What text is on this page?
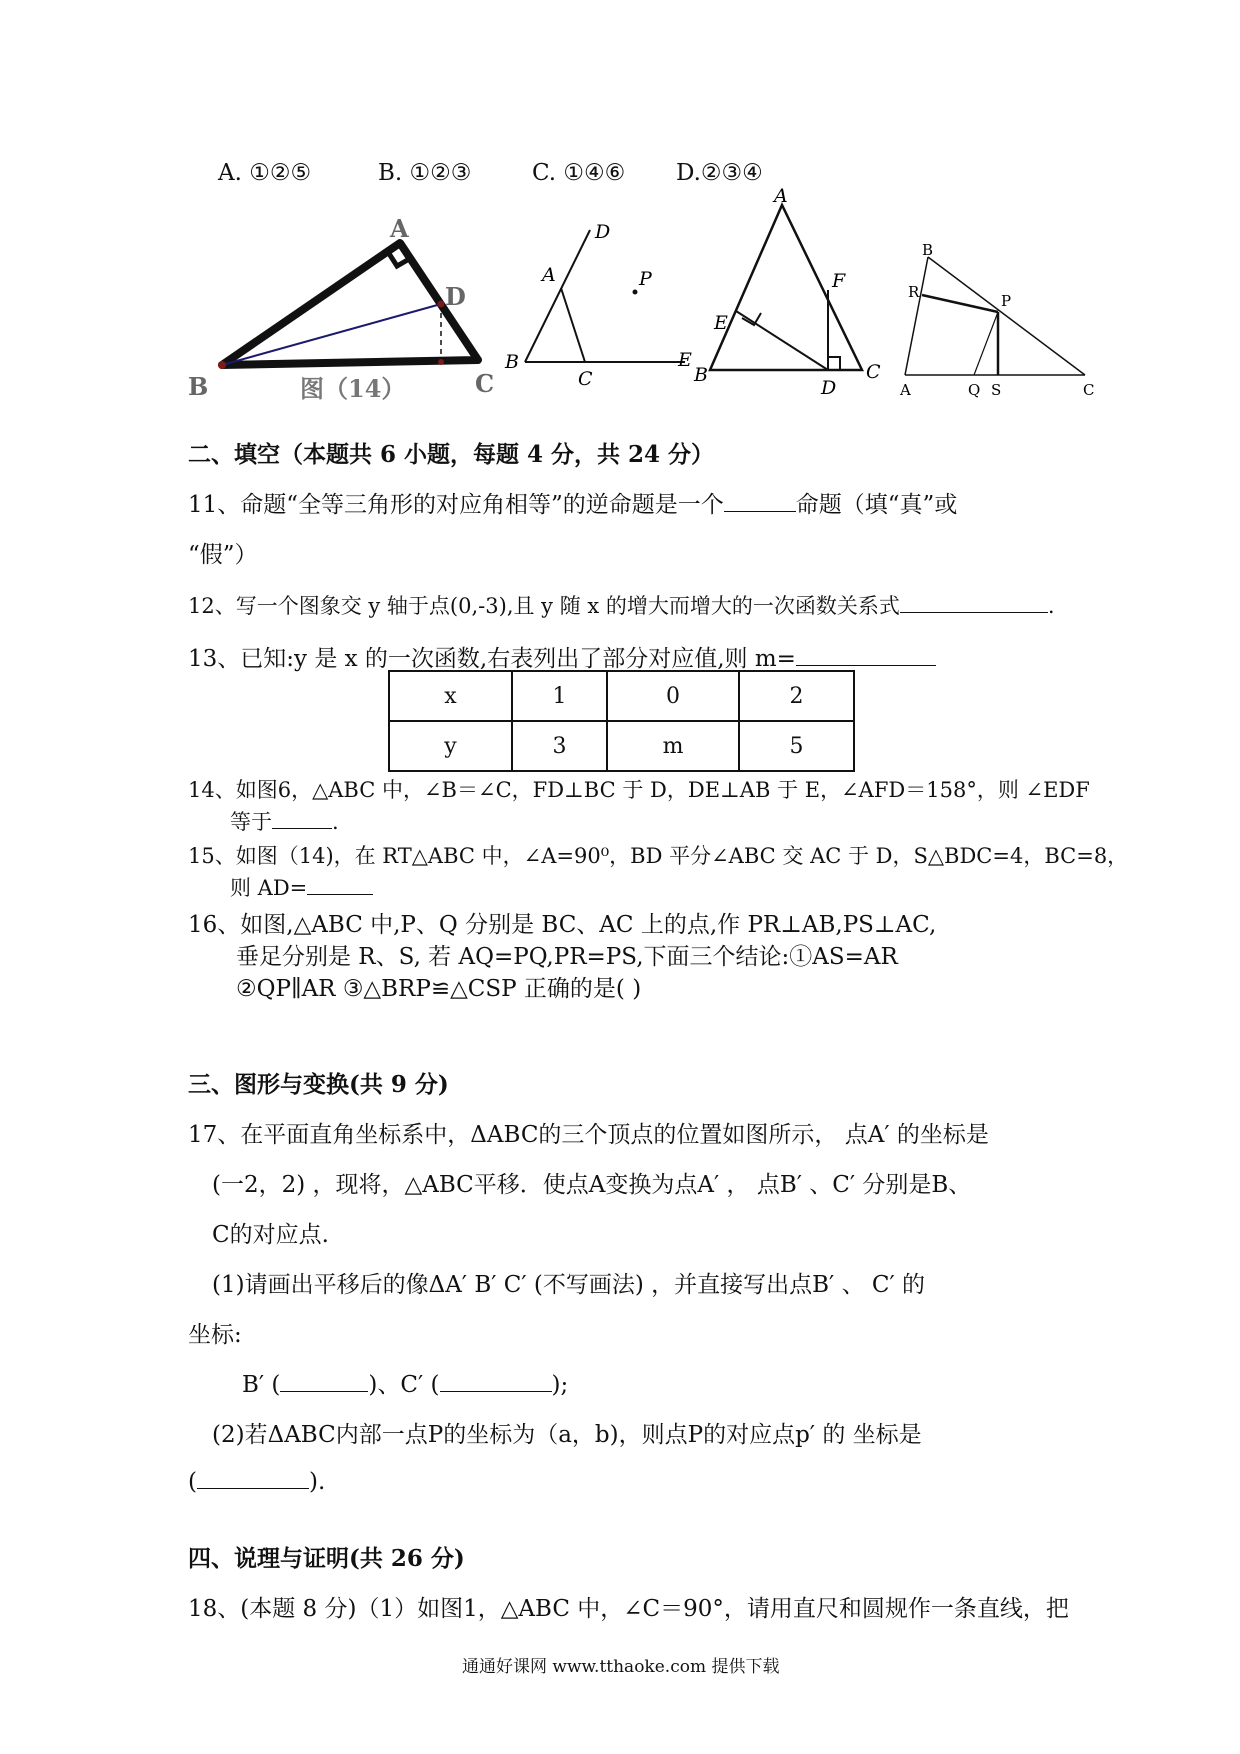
A. ①②⑤	B. ①②③	C. ①④⑥ D.②③④
A
D
B	C
图（14）
D
A	P
B
C
E
A
F
E
B
D
C
B
R	P
A	Q S	C
二、填空（本题共 6 小题，每题 4 分，共 24 分）
11、命题“全等三角形的对应角相等”的逆命题是一个	命题（填“真”或
“假”）
12、写一个图象交 y 轴于点(0,-3),且 y 随 x 的增大而增大的一次函数关系式	.
13、已知:y 是 x 的一次函数,右表列出了部分对应值,则 m=
x	1	0	2
y	3	m	5
14、如图6，△ABC 中，∠B＝∠C，FD⊥BC 于 D，DE⊥AB 于 E，∠AFD＝158°，则 ∠EDF
等于	.
15、如图（14)，在 RT△ABC 中，∠A=90⁰，BD 平分∠ABC 交 AC 于 D，S△BDC=4，BC=8，
则 AD=
16、如图,△ABC 中,P、Q 分别是 BC、AC 上的点,作 PR⊥AB,PS⊥AC,
垂足分别是 R、S, 若 AQ=PQ,PR=PS,下面三个结论:①AS=AR
②QP∥AR ③△BRP≌△CSP 正确的是( )
三、图形与变换(共 9 分)
17、在平面直角坐标系中，ΔABC的三个顶点的位置如图所示， 点A′ 的坐标是
(一2，2) ，现将，△ABC平移．使点A变换为点A′ ， 点B′ 、C′ 分别是B、
C的对应点.
(1)请画出平移后的像ΔA′ B′ C′ (不写画法) ，并直接写出点B′ 、 C′ 的
坐标:
B′ (	)、C′ (	);
(2)若ΔABC内部一点P的坐标为（a，b)，则点P的对应点p′ 的 坐标是
(	).
四、说理与证明(共 26 分)
18、(本题 8 分)（1）如图1，△ABC 中，∠C＝90°，请用直尺和圆规作一条直线，把
通通好课网 www.tthaoke.com 提供下载
